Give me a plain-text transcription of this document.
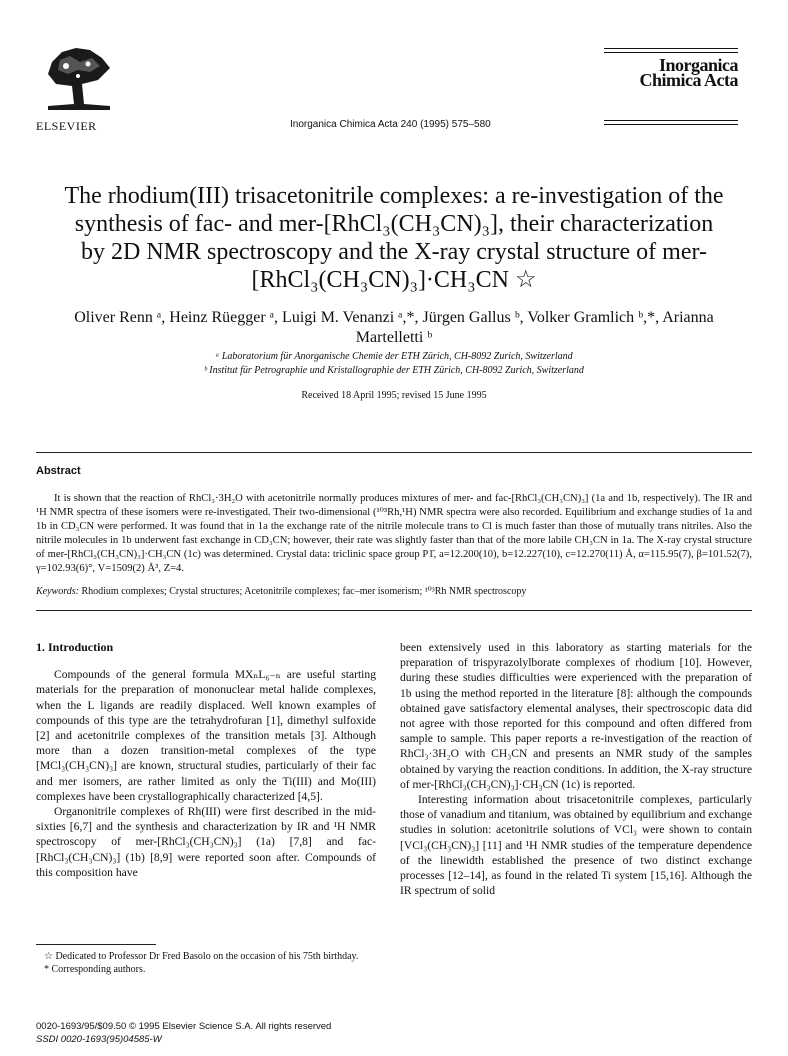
ELSEVIER	Inorganica Chimica Acta 240 (1995) 575–580
Inorganica
Chimica Acta
The rhodium(III) trisacetonitrile complexes: a re-investigation of the synthesis of fac- and mer-[RhCl₃(CH₃CN)₃], their characterization by 2D NMR spectroscopy and the X-ray crystal structure of mer-[RhCl₃(CH₃CN)₃]·CH₃CN ☆
Oliver Renn ᵃ, Heinz Rüegger ᵃ, Luigi M. Venanzi ᵃ,*, Jürgen Gallus ᵇ, Volker Gramlich ᵇ,*, Arianna Martelletti ᵇ
ᵃ Laboratorium für Anorganische Chemie der ETH Zürich, CH-8092 Zurich, Switzerland
ᵇ Institut für Petrographie und Kristallographie der ETH Zürich, CH-8092 Zurich, Switzerland
Received 18 April 1995; revised 15 June 1995
Abstract
It is shown that the reaction of RhCl₃·3H₂O with acetonitrile normally produces mixtures of mer- and fac-[RhCl₃(CH₃CN)₃] (1a and 1b, respectively). The IR and ¹H NMR spectra of these isomers were re-investigated. Their two-dimensional (¹⁰³Rh,¹H) NMR spectra were also recorded. Equilibrium and exchange studies of 1a and 1b in CD₃CN were performed. It was found that in 1a the exchange rate of the nitrile molecule trans to Cl is much faster than those of mutually trans nitriles. Also the nitrile molecules in 1b underwent fast exchange in CD₃CN; however, their rate was slightly faster than that of the more labile CH₃CN in 1a. The X-ray crystal structure of mer-[RhCl₃(CH₃CN)₃]·CH₃CN (1c) was determined. Crystal data: triclinic space group P1̄, a=12.200(10), b=12.227(10), c=12.270(11) Å, α=115.95(7), β=101.52(7), γ=102.93(6)°, V=1509(2) Å³, Z=4.
Keywords: Rhodium complexes; Crystal structures; Acetonitrile complexes; fac–mer isomerism; ¹⁰³Rh NMR spectroscopy
1. Introduction

Compounds of the general formula MXₙL₆₋ₙ are useful starting materials for the preparation of mononuclear metal halide complexes, when the L ligands are readily displaced. Well known examples of compounds of this type are the tetrahydrofuran [1], dimethyl sulfoxide [2] and acetonitrile complexes of the transition metals [3]. Although more than a dozen transition-metal complexes of the type [MCl₃(CH₃CN)₃] are known, structural studies, particularly of their fac and mer isomers, are rather limited as only the Ti(III) and Mo(III) complexes have been crystallographically characterized [4,5].

Organonitrile complexes of Rh(III) were first described in the mid-sixties [6,7] and the synthesis and characterization by IR and ¹H NMR spectroscopy of mer-[RhCl₃(CH₃CN)₃] (1a) [7,8] and fac-[RhCl₃(CH₃CN)₃] (1b) [8,9] were reported soon after. Compounds of this composition have

been extensively used in this laboratory as starting materials for the preparation of trispyrazolylborate complexes of rhodium [10]. However, during these studies difficulties were experienced with the preparation of 1b using the method reported in the literature [8]: although the compounds obtained gave satisfactory elemental analyses, their spectroscopic data did not agree with those reported for this compound and often differed from sample to sample. This paper reports a re-investigation of the reaction of RhCl₃·3H₂O with CH₃CN and presents an NMR study of the samples obtained by varying the reaction conditions. In addition, the X-ray structure of mer-[RhCl₃(CH₃CN)₃]·CH₃CN (1c) is reported.

Interesting information about trisacetonitrile complexes, particularly those of vanadium and titanium, was obtained by equilibrium and exchange studies in solution: acetonitrile solutions of VCl₃ were shown to contain [VCl₃(CH₃CN)₃] [11] and ¹H NMR studies of the temperature dependence of the linewidth established the presence of two distinct exchange processes [12–14], as found in the related Ti system [15,16]. Although the IR spectrum of solid

☆ Dedicated to Professor Dr Fred Basolo on the occasion of his 75th birthday.

* Corresponding authors.

0020-1693/95/$09.50 © 1995 Elsevier Science S.A. All rights reserved
SSDI 0020-1693(95)04585-W
